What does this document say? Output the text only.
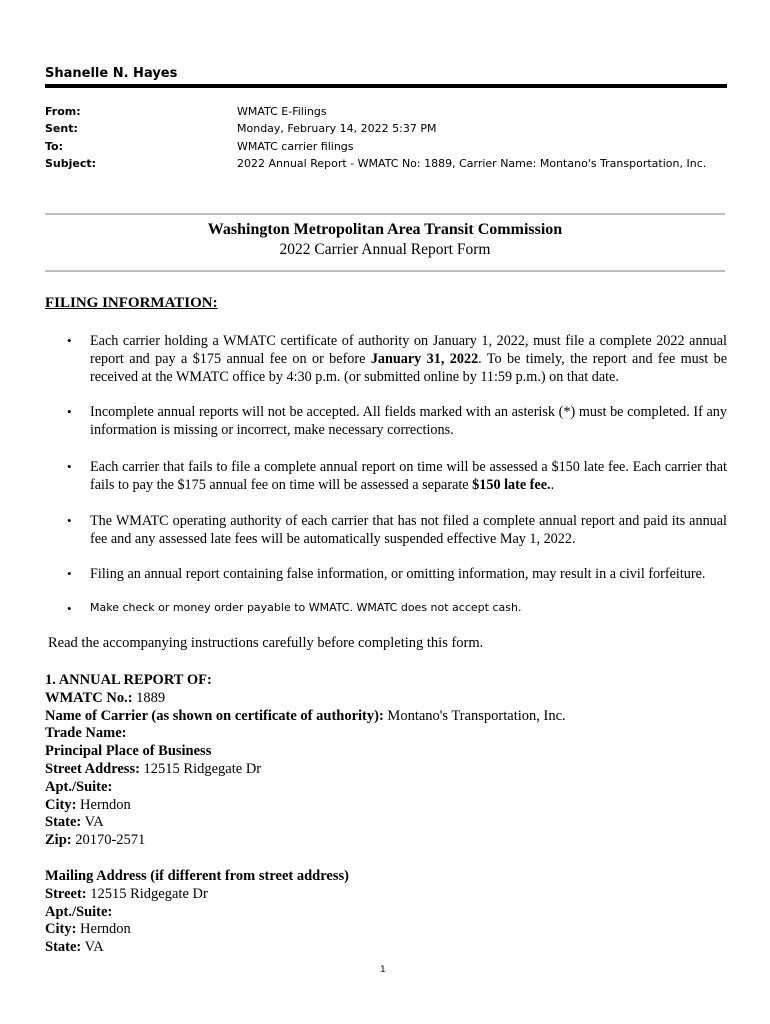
Shanelle N. Hayes
From:	WMATC E-Filings
Sent:	Monday, February 14, 2022 5:37 PM
To:	WMATC carrier filings
Subject:	2022 Annual Report - WMATC No: 1889, Carrier Name: Montano's Transportation, Inc.
Washington Metropolitan Area Transit Commission
2022 Carrier Annual Report Form
FILING INFORMATION:
• Each carrier holding a WMATC certificate of authority on January 1, 2022, must file a complete 2022 annual report and pay a $175 annual fee on or before January 31, 2022. To be timely, the report and fee must be received at the WMATC office by 4:30 p.m. (or submitted online by 11:59 p.m.) on that date.
• Incomplete annual reports will not be accepted. All fields marked with an asterisk (*) must be completed. If any information is missing or incorrect, make necessary corrections.
• Each carrier that fails to file a complete annual report on time will be assessed a $150 late fee. Each carrier that fails to pay the $175 annual fee on time will be assessed a separate $150 late fee..
• The WMATC operating authority of each carrier that has not filed a complete annual report and paid its annual fee and any assessed late fees will be automatically suspended effective May 1, 2022.
• Filing an annual report containing false information, or omitting information, may result in a civil forfeiture.
• Make check or money order payable to WMATC. WMATC does not accept cash.
Read the accompanying instructions carefully before completing this form.
1. ANNUAL REPORT OF:
WMATC No.: 1889
Name of Carrier (as shown on certificate of authority): Montano's Transportation, Inc.
Trade Name:
Principal Place of Business
Street Address: 12515 Ridgegate Dr
Apt./Suite:
City: Herndon
State: VA
Zip: 20170-2571
Mailing Address (if different from street address)
Street: 12515 Ridgegate Dr
Apt./Suite:
City: Herndon
State: VA
1
